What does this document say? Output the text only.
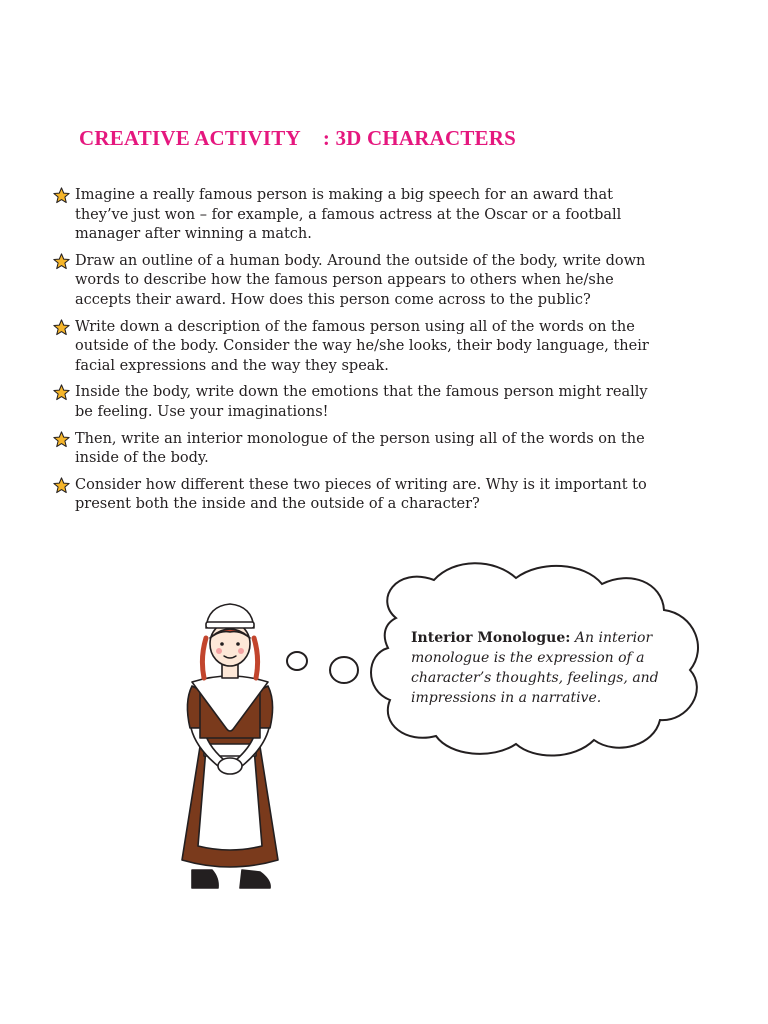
CREATIVE ACTIVITY : 3D CHARACTERS
Imagine a really famous person is making a big speech for an award that they’ve just won – for example, a famous actress at the Oscar or a football manager after winning a match.
Draw an outline of a human body. Around the outside of the body, write down words to describe how the famous person appears to others when he/she accepts their award. How does this person come across to the public?
Write down a description of the famous person using all of the words on the outside of the body. Consider the way he/she looks, their body language, their facial expressions and the way they speak.
Inside the body, write down the emotions that the famous person might really be feeling. Use your imaginations!
Then, write an interior monologue of the person using all of the words on the inside of the body.
Consider how different these two pieces of writing are. Why is it important to present both the inside and the outside of a character?
Interior Monologue: An interior monologue is the expression of a character’s thoughts, feelings, and impressions in a narrative.
